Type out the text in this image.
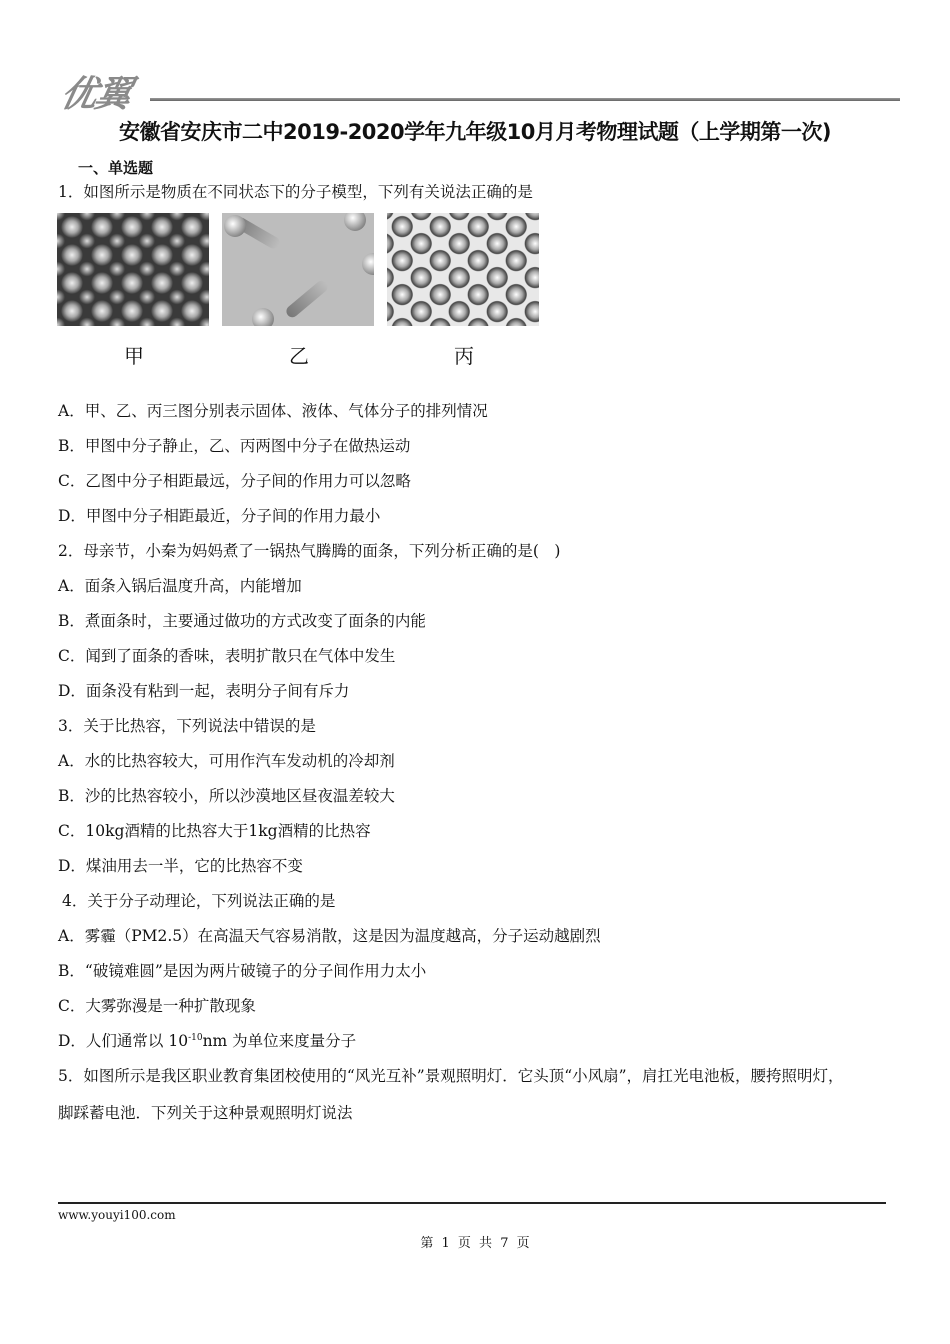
优翼
安徽省安庆市二中2019-2020学年九年级10月月考物理试题（上学期第一次)
一、单选题
1．如图所示是物质在不同状态下的分子模型，下列有关说法正确的是
甲	乙	丙
A．甲、乙、丙三图分别表示固体、液体、气体分子的排列情况
B．甲图中分子静止，乙、丙两图中分子在做热运动
C．乙图中分子相距最远，分子间的作用力可以忽略
D．甲图中分子相距最近，分子间的作用力最小
2．母亲节，小秦为妈妈煮了一锅热气腾腾的面条，下列分析正确的是(　)
A．面条入锅后温度升高，内能增加
B．煮面条时，主要通过做功的方式改变了面条的内能
C．闻到了面条的香味，表明扩散只在气体中发生
D．面条没有粘到一起，表明分子间有斥力
3．关于比热容，下列说法中错误的是
A．水的比热容较大，可用作汽车发动机的冷却剂
B．沙的比热容较小，所以沙漠地区昼夜温差较大
C．10kg酒精的比热容大于1kg酒精的比热容
D．煤油用去一半，它的比热容不变
4．关于分子动理论，下列说法正确的是
A．雾霾（PM2.5）在高温天气容易消散，这是因为温度越高，分子运动越剧烈
B．“破镜难圆”是因为两片破镜子的分子间作用力太小
C．大雾弥漫是一种扩散现象
D．人们通常以 $10^{-10}nm$ 为单位来度量分子
5．如图所示是我区职业教育集团校使用的“风光互补”景观照明灯．它头顶“小风扇”，肩扛光电池板，腰挎照明灯，
脚踩蓄电池．下列关于这种景观照明灯说法
www.youyi100.com
第 1 页 共 7 页
